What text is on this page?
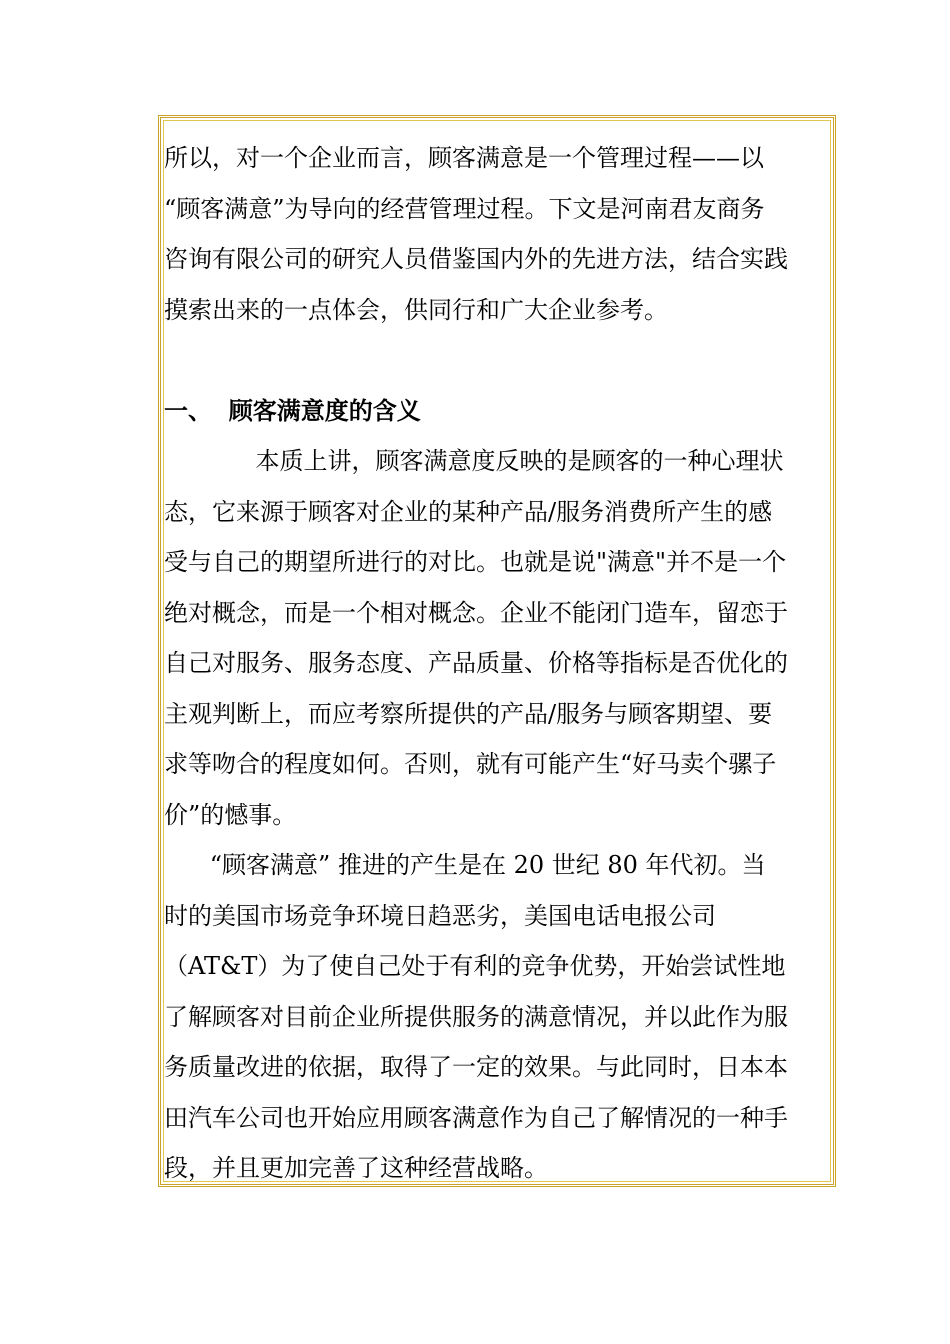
所以，对一个企业而言，顾客满意是一个管理过程——以
“顾客满意”为导向的经营管理过程。下文是河南君友商务
咨询有限公司的研究人员借鉴国内外的先进方法，结合实践
摸索出来的一点体会，供同行和广大企业参考。
一、  顾客满意度的含义
本质上讲，顾客满意度反映的是顾客的一种心理状
态，它来源于顾客对企业的某种产品/服务消费所产生的感
受与自己的期望所进行的对比。也就是说"满意"并不是一个
绝对概念，而是一个相对概念。企业不能闭门造车，留恋于
自己对服务、服务态度、产品质量、价格等指标是否优化的
主观判断上，而应考察所提供的产品/服务与顾客期望、要
求等吻合的程度如何。否则，就有可能产生“好马卖个骡子
价”的憾事。
“顾客满意” 推进的产生是在 20 世纪 80 年代初。当
时的美国市场竞争环境日趋恶劣，美国电话电报公司
（AT&T）为了使自己处于有利的竞争优势，开始尝试性地
了解顾客对目前企业所提供服务的满意情况，并以此作为服
务质量改进的依据，取得了一定的效果。与此同时，日本本
田汽车公司也开始应用顾客满意作为自己了解情况的一种手
段，并且更加完善了这种经营战略。
